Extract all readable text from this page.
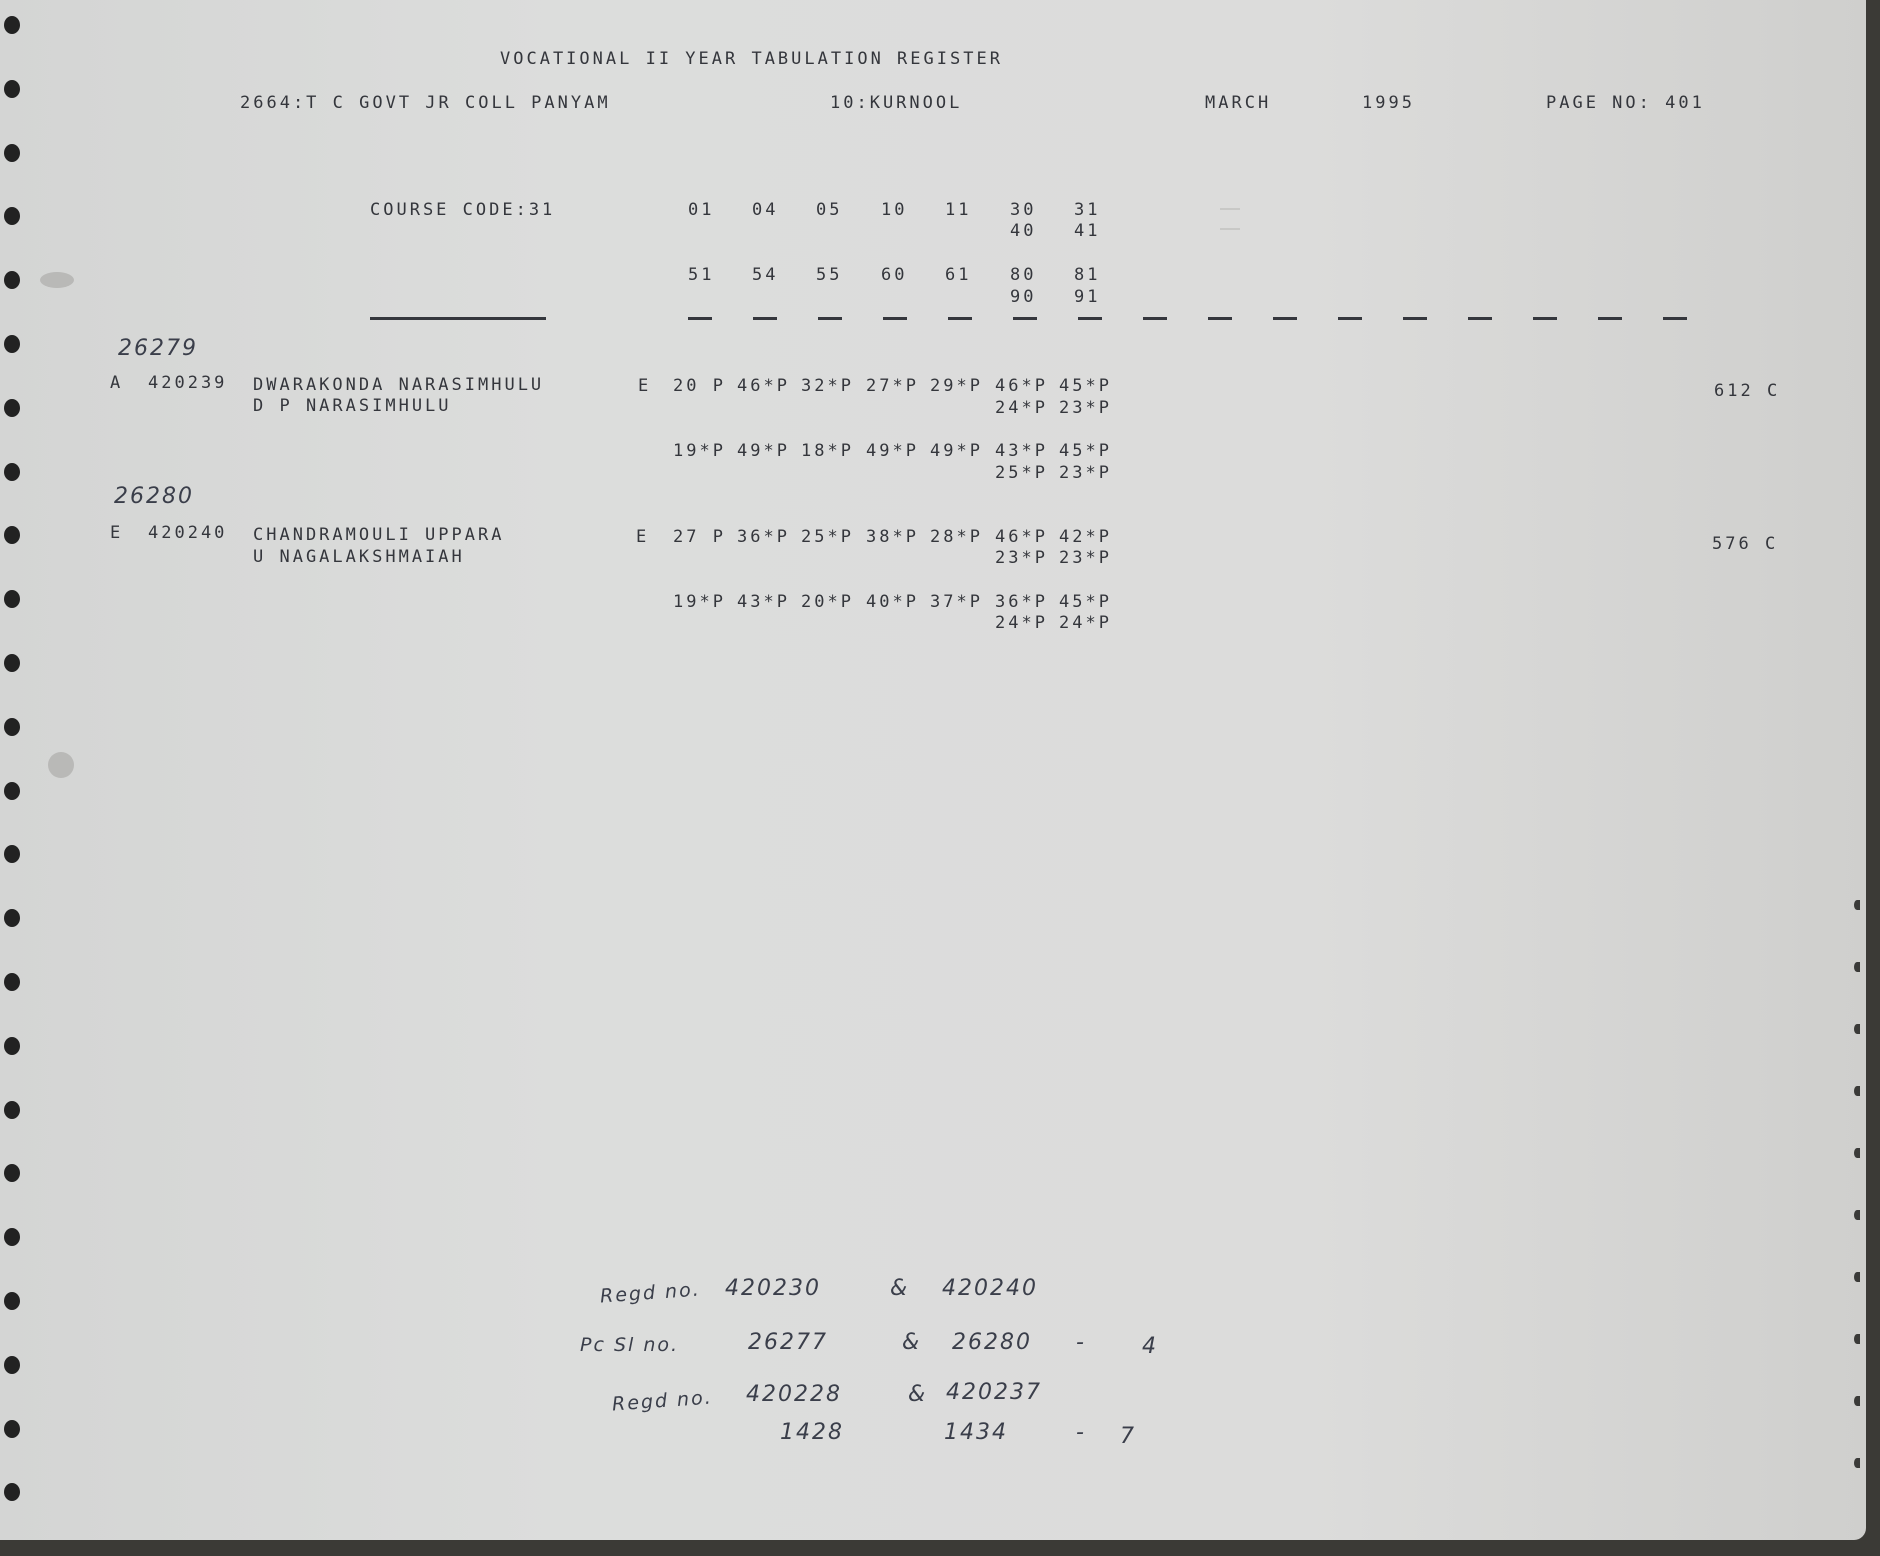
VOCATIONAL II YEAR TABULATION REGISTER
2664:T C GOVT JR COLL PANYAM	10:KURNOOL	MARCH	1995	PAGE NO: 401
COURSE CODE:31	01 04 05 10 11 30 31
40 41
51 54 55 60 61 80 81
90 91
26279
A 420239 DWARAKONDA NARASIMHULU
D P NARASIMHULU
E 20 P 46*P 32*P 27*P 29*P 46*P 45*P
24*P 23*P
19*P 49*P 18*P 49*P 49*P 43*P 45*P
25*P 23*P
612 C
26280
E 420240 CHANDRAMOULI UPPARA
U NAGALAKSHMAIAH
E 27 P 36*P 25*P 38*P 28*P 46*P 42*P
23*P 23*P
19*P 43*P 20*P 40*P 37*P 36*P 45*P
24*P 24*P
576 C
Regd no. 420230	& 420240
Pc Sl no.	26277	& 26280 -	4
Regd no. 420228	& 420237
1428	1434	- 7
